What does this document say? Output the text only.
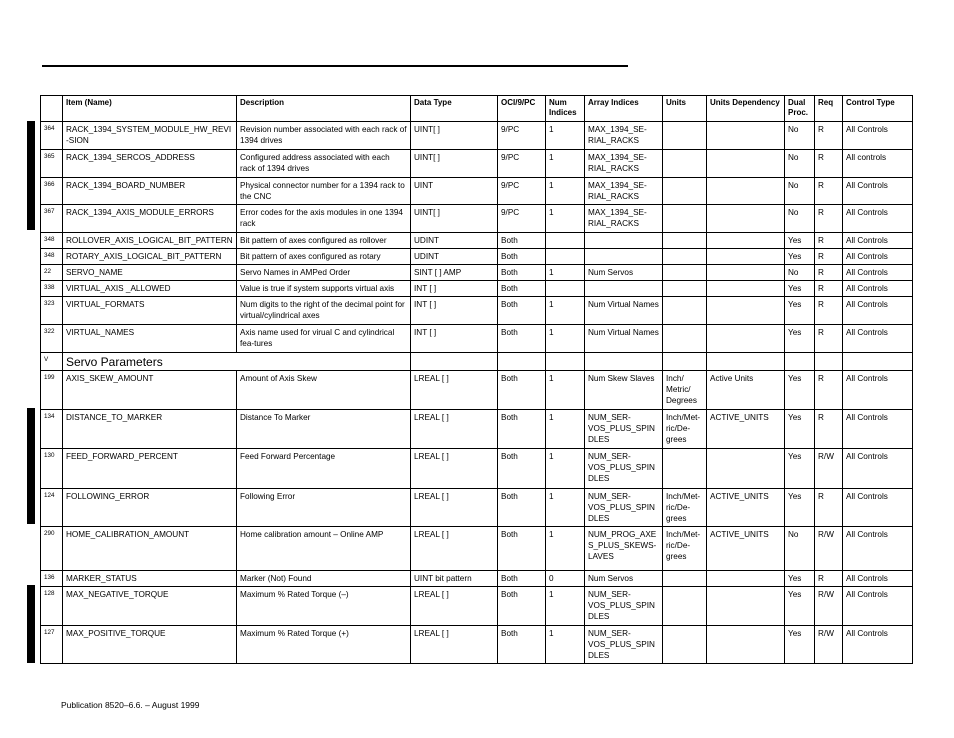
	Item (Name)	Description	Data Type	OCI/9/PC	Num Indices	Array Indices	Units	Units Dependency	Dual Proc.	Req	Control Type
364	RACK_1394_SYSTEM_MODULE_HW_REVI-SION	Revision number associated with each rack of 1394 drives	UINT[ ]	9/PC	1	MAX_1394_SE-RIAL_RACKS			No	R	All Controls
365	RACK_1394_SERCOS_ADDRESS	Configured address associated with each rack of 1394 drives	UINT[ ]	9/PC	1	MAX_1394_SE-RIAL_RACKS			No	R	All controls
366	RACK_1394_BOARD_NUMBER	Physical connector number for a 1394 rack to the CNC	UINT	9/PC	1	MAX_1394_SE-RIAL_RACKS			No	R	All Controls
367	RACK_1394_AXIS_MODULE_ERRORS	Error codes for the axis modules in one 1394 rack	UINT[ ]	9/PC	1	MAX_1394_SE-RIAL_RACKS			No	R	All Controls
348	ROLLOVER_AXIS_LOGICAL_BIT_PATTERN	Bit pattern of axes configured as rollover	UDINT	Both					Yes	R	All Controls
348	ROTARY_AXIS_LOGICAL_BIT_PATTERN	Bit pattern of axes configured as rotary	UDINT	Both					Yes	R	All Controls
22	SERVO_NAME	Servo Names in AMPed Order	SINT [ ] AMP	Both	1	Num Servos			No	R	All Controls
338	VIRTUAL_AXIS _ALLOWED	Value is true if system supports virtual axis	INT [ ]	Both					Yes	R	All Controls
323	VIRTUAL_FORMATS	Num digits to the right of the decimal point for virtual/cylindrical axes	INT [ ]	Both	1	Num Virtual Names			Yes	R	All Controls
322	VIRTUAL_NAMES	Axis name used for virual C and cylindrical fea-tures	INT [ ]	Both	1	Num Virtual Names			Yes	R	All Controls
V	Servo Parameters										
199	AXIS_SKEW_AMOUNT	Amount of Axis Skew	LREAL [ ]	Both	1	Num Skew Slaves	Inch/ Metric/ Degrees	Active Units	Yes	R	All Controls
134	DISTANCE_TO_MARKER	Distance To Marker	LREAL [ ]	Both	1	NUM_SER-VOS_PLUS_SPIN DLES	Inch/Met-ric/De-grees	ACTIVE_UNITS	Yes	R	All Controls
130	FEED_FORWARD_PERCENT	Feed Forward Percentage	LREAL [ ]	Both	1	NUM_SER-VOS_PLUS_SPIN DLES			Yes	R/W	All Controls
124	FOLLOWING_ERROR	Following Error	LREAL [ ]	Both	1	NUM_SER-VOS_PLUS_SPIN DLES	Inch/Met-ric/De-grees	ACTIVE_UNITS	Yes	R	All Controls
290	HOME_CALIBRATION_AMOUNT	Home calibration amount – Online AMP	LREAL [ ]	Both	1	NUM_PROG_AXE S_PLUS_SKEWS-LAVES	Inch/Met-ric/De-grees	ACTIVE_UNITS	No	R/W	All Controls
136	MARKER_STATUS	Marker (Not) Found	UINT bit pattern	Both	0	Num Servos			Yes	R	All Controls
128	MAX_NEGATIVE_TORQUE	Maximum % Rated Torque (–)	LREAL [ ]	Both	1	NUM_SER-VOS_PLUS_SPIN DLES			Yes	R/W	All Controls
127	MAX_POSITIVE_TORQUE	Maximum % Rated Torque (+)	LREAL [ ]	Both	1	NUM_SER-VOS_PLUS_SPIN DLES			Yes	R/W	All Controls
Publication 8520–6.6. – August 1999
